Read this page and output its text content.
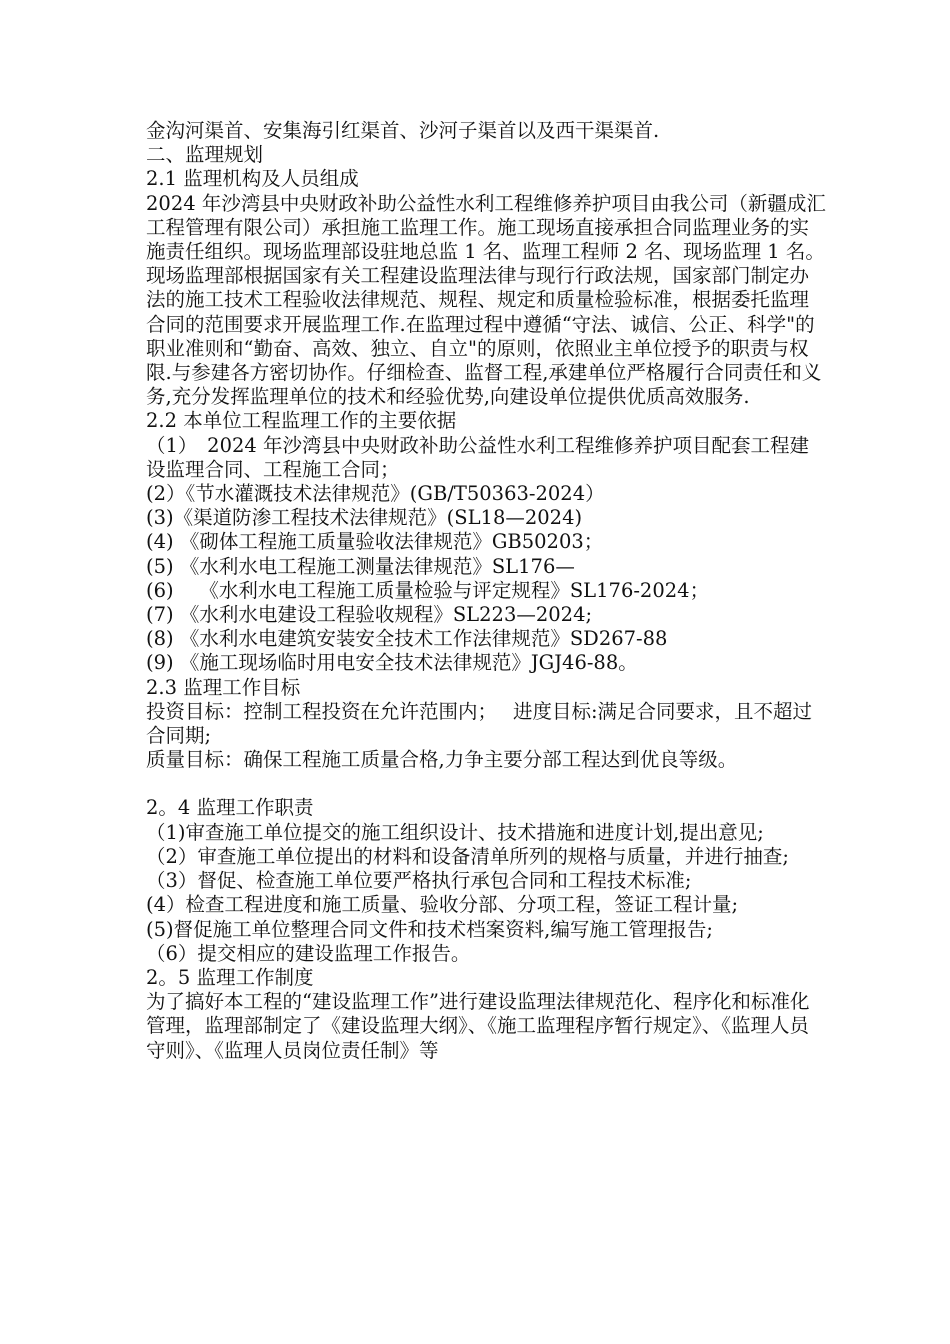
金沟河渠首、安集海引红渠首、沙河子渠首以及西干渠渠首.

二、监理规划

2.1 监理机构及人员组成

2024 年沙湾县中央财政补助公益性水利工程维修养护项目由我公司（新疆成汇工程管理有限公司）承担施工监理工作。施工现场直接承担合同监理业务的实施责任组织。现场监理部设驻地总监 1 名、监理工程师 2 名、现场监理 1 名。

现场监理部根据国家有关工程建设监理法律与现行行政法规，国家部门制定办法的施工技术工程验收法律规范、规程、规定和质量检验标准，根据委托监理合同的范围要求开展监理工作.在监理过程中遵循“守法、诚信、公正、科学"的职业准则和“勤奋、高效、独立、自立"的原则，依照业主单位授予的职责与权限.与参建各方密切协作。仔细检查、监督工程,承建单位严格履行合同责任和义务,充分发挥监理单位的技术和经验优势,向建设单位提供优质高效服务.

2.2 本单位工程监理工作的主要依据

（1）　2024 年沙湾县中央财政补助公益性水利工程维修养护项目配套工程建设监理合同、工程施工合同；

(2）《节水灌溉技术法律规范》(GB/T50363-2024）

(3)《渠道防渗工程技术法律规范》(SL18—2024)

(4) 《砌体工程施工质量验收法律规范》GB50203；

(5) 《水利水电工程施工测量法律规范》SL176—

(6)　 《水利水电工程施工质量检验与评定规程》SL176-2024；

(7) 《水利水电建设工程验收规程》SL223—2024;

(8) 《水利水电建筑安装安全技术工作法律规范》SD267-88

(9) 《施工现场临时用电安全技术法律规范》JGJ46-88。

2.3 监理工作目标

投资目标：控制工程投资在允许范围内；　 进度目标:满足合同要求，且不超过合同期;

质量目标：确保工程施工质量合格,力争主要分部工程达到优良等级。

2。4 监理工作职责

（1)审查施工单位提交的施工组织设计、技术措施和进度计划,提出意见;

（2）审查施工单位提出的材料和设备清单所列的规格与质量，并进行抽查;

（3）督促、检查施工单位要严格执行承包合同和工程技术标准;

(4）检查工程进度和施工质量、验收分部、分项工程，签证工程计量;

(5)督促施工单位整理合同文件和技术档案资料,编写施工管理报告;

（6）提交相应的建设监理工作报告。

2。5 监理工作制度

为了搞好本工程的“建设监理工作”进行建设监理法律规范化、程序化和标准化管理，监理部制定了《建设监理大纲》、《施工监理程序暂行规定》、《监理人员守则》、《监理人员岗位责任制》等
